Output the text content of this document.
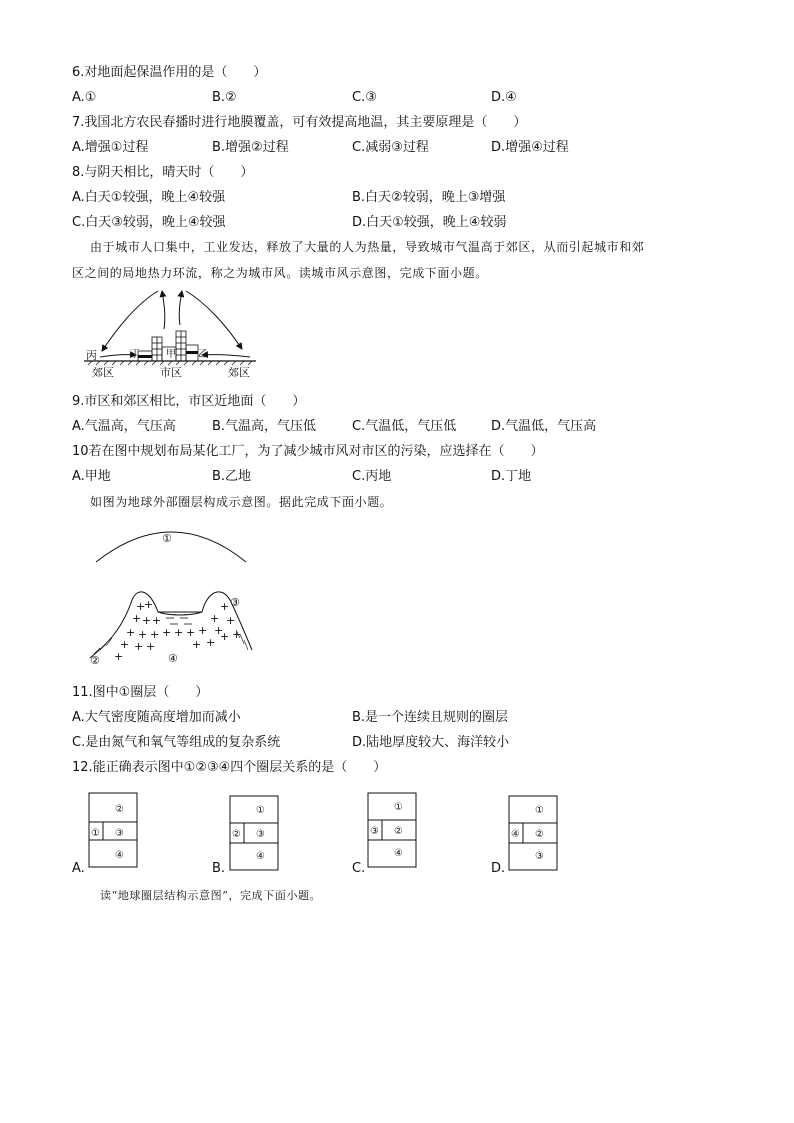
6.对地面起保温作用的是（　　）
A.①	B.②	C.③	D.④
7.我国北方农民春播时进行地膜覆盖，可有效提高地温，其主要原理是（　　）
A.增强①过程	B.增强②过程	C.减弱③过程	D.增强④过程
8.与阴天相比，晴天时（　　）
A.白天①较强，晚上④较强	B.白天②较弱，晚上③增强
C.白天③较弱，晚上④较强	D.白天①较强，晚上④较弱
由于城市人口集中，工业发达，释放了大量的人为热量，导致城市气温高于郊区，从而引起城市和郊
区之间的局地热力环流，称之为城市风。读城市风示意图，完成下面小题。
丙	丁	甲 乙
郊区	市区	郊区
9.市区和郊区相比，市区近地面（　　）
A.气温高，气压高	B.气温高，气压低	C.气温低，气压低	D.气温低，气压高
10若在图中规划布局某化工厂，为了减少城市风对市区的污染，应选择在（　　）
A.甲地	B.乙地	C.丙地	D.丁地
如图为地球外部圈层构成示意图。据此完成下面小题。
①
+
+
+ + +
+ + + + + + +
+
+
+
+
+ + +	+ + + +
+
③
②	④
11.图中①圈层（　　）
A.大气密度随高度增加而减小	B.是一个连续且规则的圈层
C.是由氮气和氧气等组成的复杂系统	D.陆地厚度较大、海洋较小
12.能正确表示图中①②③④四个圈层关系的是（　　）
A.
①
②
③
④
B.
②
①
③
④
C.
③
①
②
④
D.
④
①
②
③
读“地球圈层结构示意图”，完成下面小题。
